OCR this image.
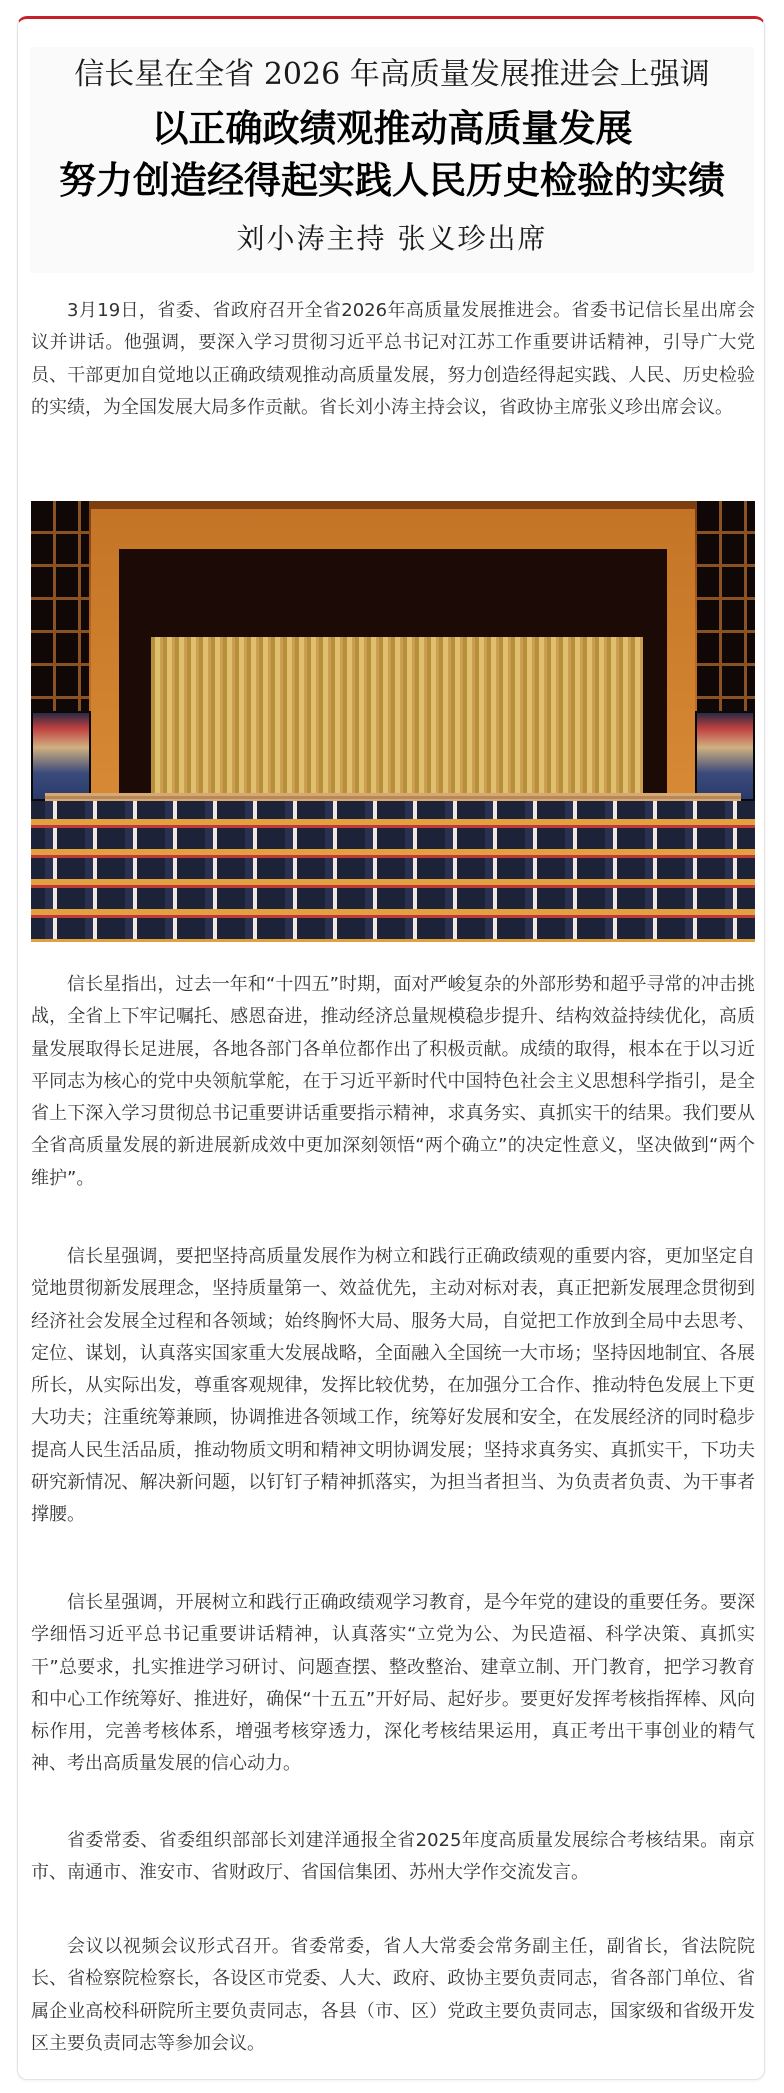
信长星在全省 2026 年高质量发展推进会上强调
以正确政绩观推动高质量发展
努力创造经得起实践人民历史检验的实绩
刘小涛主持 张义珍出席

3月19日，省委、省政府召开全省2026年高质量发展推进会。省委书记信长星出席会议并讲话。他强调，要深入学习贯彻习近平总书记对江苏工作重要讲话精神，引导广大党员、干部更加自觉地以正确政绩观推动高质量发展，努力创造经得起实践、人民、历史检验的实绩，为全国发展大局多作贡献。省长刘小涛主持会议，省政协主席张义珍出席会议。

信长星指出，过去一年和“十四五”时期，面对严峻复杂的外部形势和超乎寻常的冲击挑战，全省上下牢记嘱托、感恩奋进，推动经济总量规模稳步提升、结构效益持续优化，高质量发展取得长足进展，各地各部门各单位都作出了积极贡献。成绩的取得，根本在于以习近平同志为核心的党中央领航掌舵，在于习近平新时代中国特色社会主义思想科学指引，是全省上下深入学习贯彻总书记重要讲话重要指示精神，求真务实、真抓实干的结果。我们要从全省高质量发展的新进展新成效中更加深刻领悟“两个确立”的决定性意义，坚决做到“两个维护”。

信长星强调，要把坚持高质量发展作为树立和践行正确政绩观的重要内容，更加坚定自觉地贯彻新发展理念，坚持质量第一、效益优先，主动对标对表，真正把新发展理念贯彻到经济社会发展全过程和各领域；始终胸怀大局、服务大局，自觉把工作放到全局中去思考、定位、谋划，认真落实国家重大发展战略，全面融入全国统一大市场；坚持因地制宜、各展所长，从实际出发，尊重客观规律，发挥比较优势，在加强分工合作、推动特色发展上下更大功夫；注重统筹兼顾，协调推进各领域工作，统筹好发展和安全，在发展经济的同时稳步提高人民生活品质，推动物质文明和精神文明协调发展；坚持求真务实、真抓实干，下功夫研究新情况、解决新问题，以钉钉子精神抓落实，为担当者担当、为负责者负责、为干事者撑腰。

信长星强调，开展树立和践行正确政绩观学习教育，是今年党的建设的重要任务。要深学细悟习近平总书记重要讲话精神，认真落实“立党为公、为民造福、科学决策、真抓实干”总要求，扎实推进学习研讨、问题查摆、整改整治、建章立制、开门教育，把学习教育和中心工作统筹好、推进好，确保“十五五”开好局、起好步。要更好发挥考核指挥棒、风向标作用，完善考核体系，增强考核穿透力，深化考核结果运用，真正考出干事创业的精气神、考出高质量发展的信心动力。

省委常委、省委组织部部长刘建洋通报全省2025年度高质量发展综合考核结果。南京市、南通市、淮安市、省财政厅、省国信集团、苏州大学作交流发言。

会议以视频会议形式召开。省委常委，省人大常委会常务副主任，副省长，省法院院长、省检察院检察长，各设区市党委、人大、政府、政协主要负责同志，省各部门单位、省属企业高校科研院所主要负责同志，各县（市、区）党政主要负责同志，国家级和省级开发区主要负责同志等参加会议。
